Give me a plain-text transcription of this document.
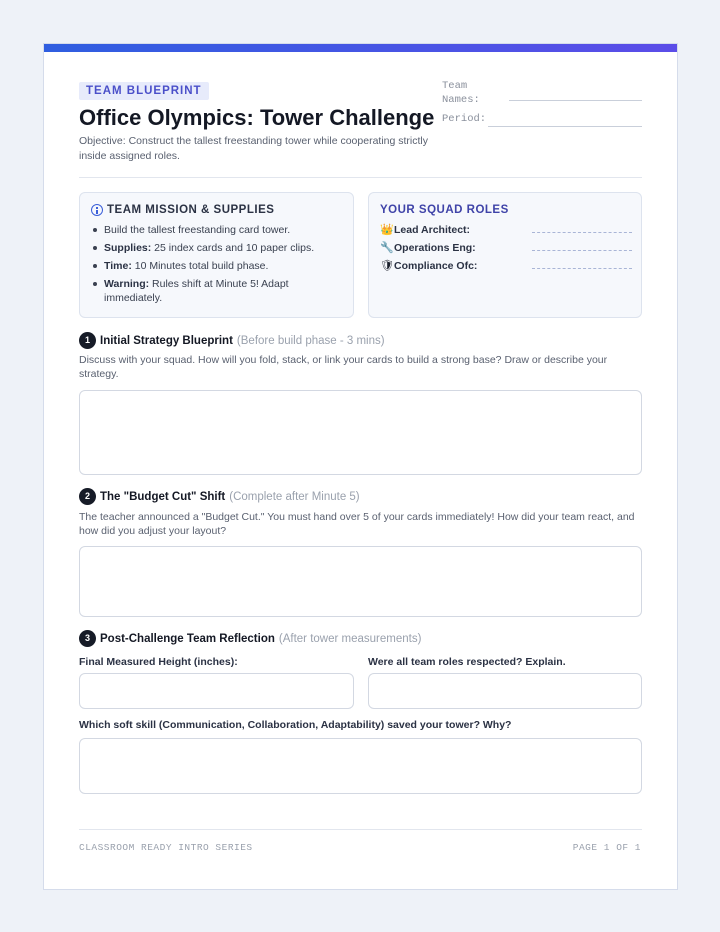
TEAM BLUEPRINT
Office Olympics: Tower Challenge
Objective: Construct the tallest freestanding tower while cooperating strictly inside assigned roles.
Team Names:
Period:
TEAM MISSION & SUPPLIES
Build the tallest freestanding card tower.
Supplies: 25 index cards and 10 paper clips.
Time: 10 Minutes total build phase.
Warning: Rules shift at Minute 5! Adapt immediately.
YOUR SQUAD ROLES
👑 Lead Architect:
🔧 Operations Eng:
🛡 Compliance Ofc:
1 Initial Strategy Blueprint (Before build phase - 3 mins)
Discuss with your squad. How will you fold, stack, or link your cards to build a strong base? Draw or describe your strategy.
2 The "Budget Cut" Shift (Complete after Minute 5)
The teacher announced a "Budget Cut." You must hand over 5 of your cards immediately! How did your team react, and how did you adjust your layout?
3 Post-Challenge Team Reflection (After tower measurements)
Final Measured Height (inches):	Were all team roles respected? Explain.
Which soft skill (Communication, Collaboration, Adaptability) saved your tower? Why?
CLASSROOM READY INTRO SERIES	PAGE 1 OF 1
